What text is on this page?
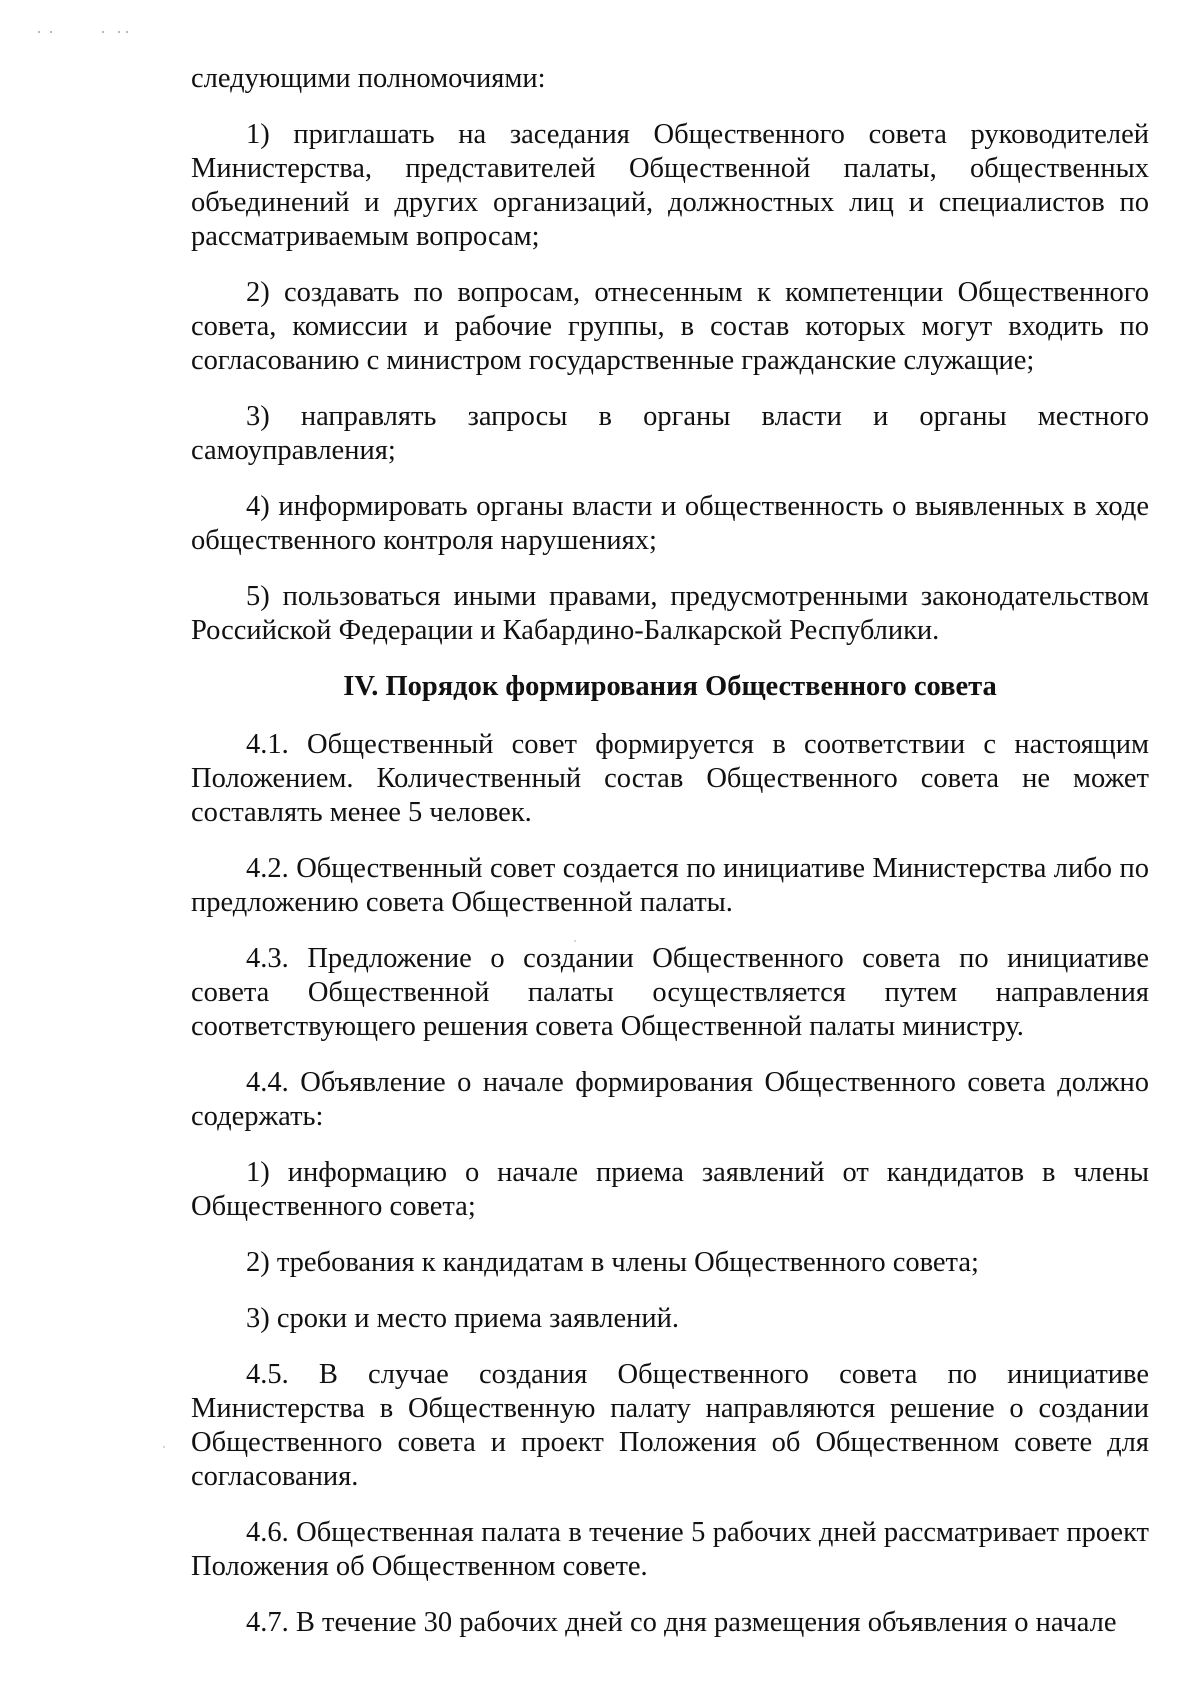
следующими полномочиями:

1) приглашать на заседания Общественного совета руководителей Министерства, представителей Общественной палаты, общественных объединений и других организаций, должностных лиц и специалистов по рассматриваемым вопросам;

2) создавать по вопросам, отнесенным к компетенции Общественного совета, комиссии и рабочие группы, в состав которых могут входить по согласованию с министром государственные гражданские служащие;

3) направлять запросы в органы власти и органы местного самоуправления;

4) информировать органы власти и общественность о выявленных в ходе общественного контроля нарушениях;

5) пользоваться иными правами, предусмотренными законодательством Российской Федерации и Кабардино-Балкарской Республики.

IV. Порядок формирования Общественного совета

4.1. Общественный совет формируется в соответствии с настоящим Положением. Количественный состав Общественного совета не может составлять менее 5 человек.

4.2. Общественный совет создается по инициативе Министерства либо по предложению совета Общественной палаты.

4.3. Предложение о создании Общественного совета по инициативе совета Общественной палаты осуществляется путем направления соответствующего решения совета Общественной палаты министру.

4.4. Объявление о начале формирования Общественного совета должно содержать:

1) информацию о начале приема заявлений от кандидатов в члены Общественного совета;

2) требования к кандидатам в члены Общественного совета;

3) сроки и место приема заявлений.

4.5. В случае создания Общественного совета по инициативе Министерства в Общественную палату направляются решение о создании Общественного совета и проект Положения об Общественном совете для согласования.

4.6. Общественная палата в течение 5 рабочих дней рассматривает проект Положения об Общественном совете.

4.7. В течение 30 рабочих дней со дня размещения объявления о начале
